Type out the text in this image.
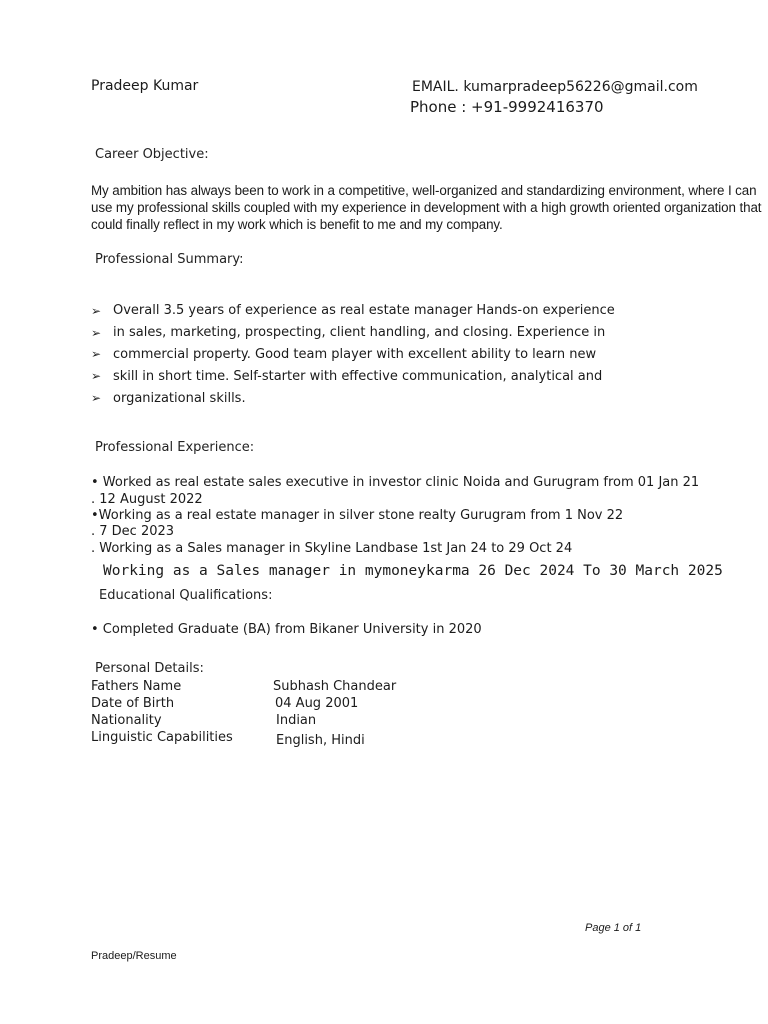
Pradeep Kumar	EMAIL. kumarpradeep56226@gmail.com
Phone : +91-9992416370
Career Objective:
My ambition has always been to work in a competitive, well-organized and standardizing environment, where I can use my professional skills coupled with my experience in development with a high growth oriented organization that could finally reflect in my work which is benefit to me and my company.
Professional Summary:
➢ Overall 3.5 years of experience as real estate manager Hands-on experience
➢ in sales, marketing, prospecting, client handling, and closing. Experience in
➢ commercial property. Good team player with excellent ability to learn new
➢ skill in short time. Self-starter with effective communication, analytical and
➢ organizational skills.
Professional Experience:
• Worked as real estate sales executive in investor clinic Noida and Gurugram from 01 Jan 21
. 12 August 2022
•Working as a real estate manager in silver stone realty Gurugram from 1 Nov 22
. 7 Dec 2023
. Working as a Sales manager in Skyline Landbase 1st Jan 24 to 29 Oct 24
Working as a Sales manager in mymoneykarma 26 Dec 2024 To 30 March 2025
Educational Qualifications:
• Completed Graduate (BA) from Bikaner University in 2020
Personal Details:
Fathers Name	Subhash Chandear
Date of Birth	04 Aug 2001
Nationality	Indian
Linguistic Capabilities	English, Hindi
Page 1 of 1
Pradeep/Resume
